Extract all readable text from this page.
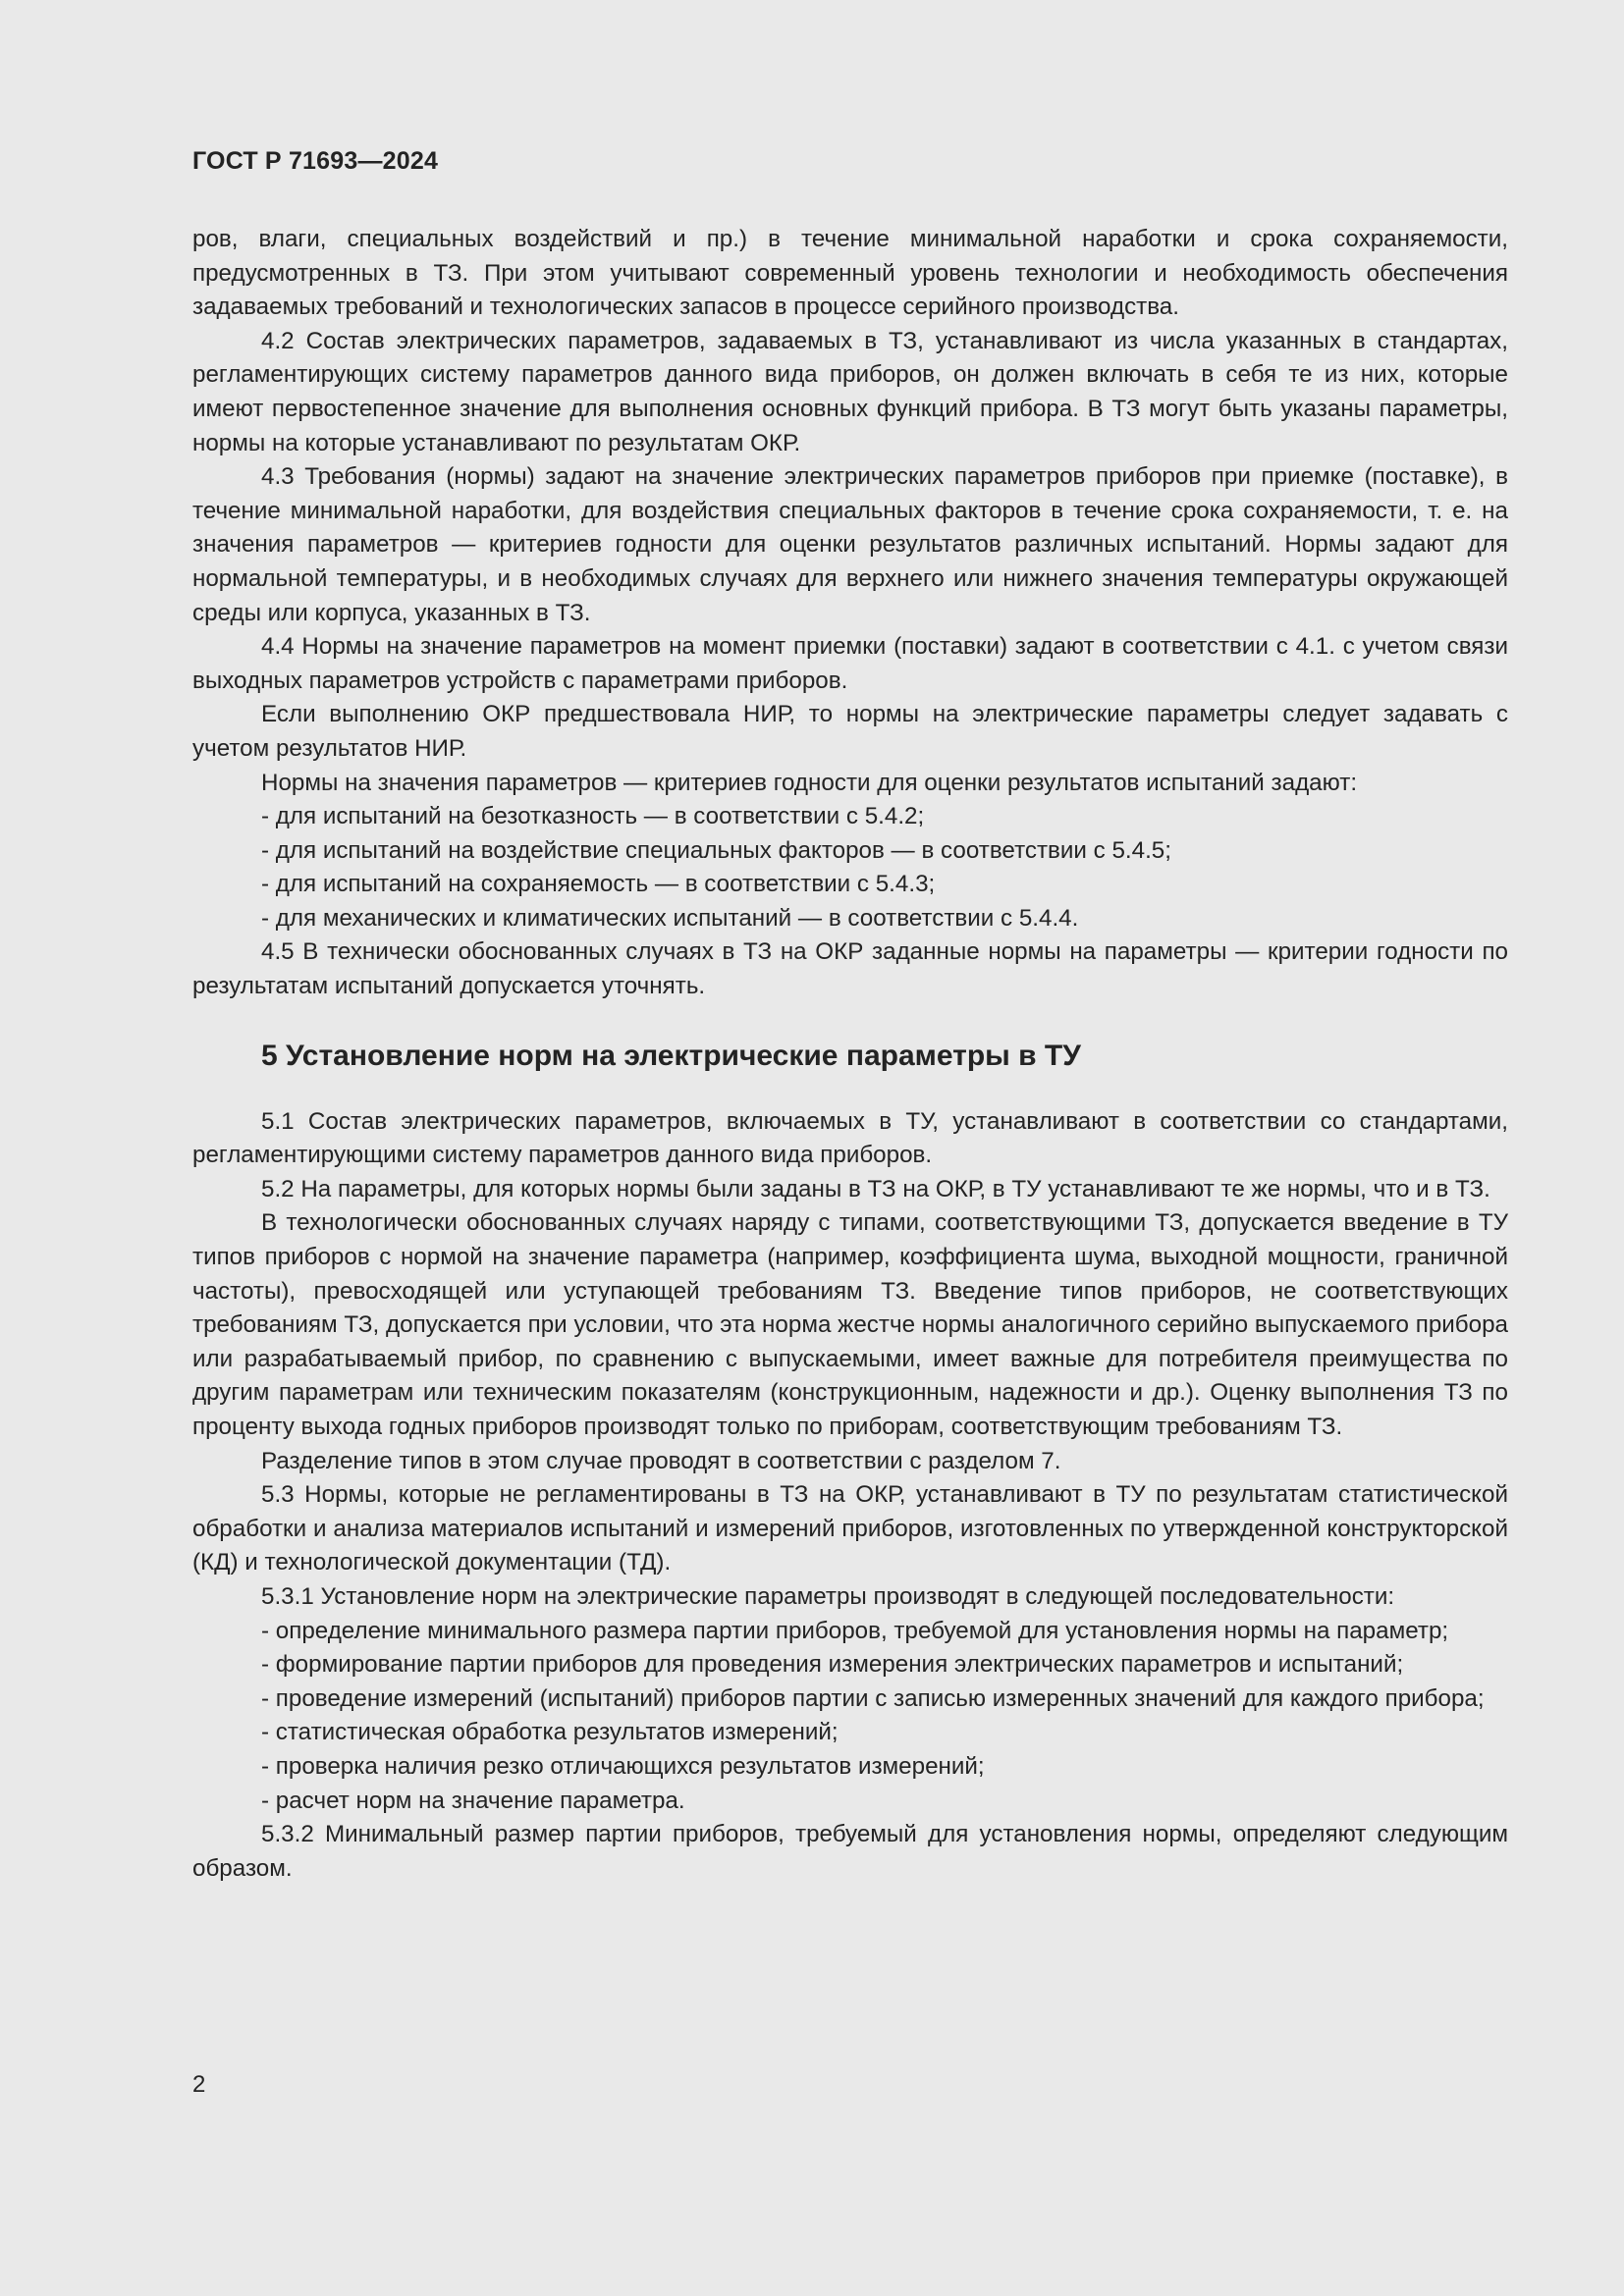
ГОСТ Р 71693—2024

ров, влаги, специальных воздействий и пр.) в течение минимальной наработки и срока сохраняемости, предусмотренных в ТЗ. При этом учитывают современный уровень технологии и необходимость обеспечения задаваемых требований и технологических запасов в процессе серийного производства.

4.2 Состав электрических параметров, задаваемых в ТЗ, устанавливают из числа указанных в стандартах, регламентирующих систему параметров данного вида приборов, он должен включать в себя те из них, которые имеют первостепенное значение для выполнения основных функций прибора. В ТЗ могут быть указаны параметры, нормы на которые устанавливают по результатам ОКР.

4.3 Требования (нормы) задают на значение электрических параметров приборов при приемке (поставке), в течение минимальной наработки, для воздействия специальных факторов в течение срока сохраняемости, т. е. на значения параметров — критериев годности для оценки результатов различных испытаний. Нормы задают для нормальной температуры, и в необходимых случаях для верхнего или нижнего значения температуры окружающей среды или корпуса, указанных в ТЗ.

4.4 Нормы на значение параметров на момент приемки (поставки) задают в соответствии с 4.1. с учетом связи выходных параметров устройств с параметрами приборов.

Если выполнению ОКР предшествовала НИР, то нормы на электрические параметры следует задавать с учетом результатов НИР.

Нормы на значения параметров — критериев годности для оценки результатов испытаний задают:

- для испытаний на безотказность — в соответствии с 5.4.2;

- для испытаний на воздействие специальных факторов — в соответствии с 5.4.5;

- для испытаний на сохраняемость — в соответствии с 5.4.3;

- для механических и климатических испытаний — в соответствии с 5.4.4.

4.5 В технически обоснованных случаях в ТЗ на ОКР заданные нормы на параметры — критерии годности по результатам испытаний допускается уточнять.

5 Установление норм на электрические параметры в ТУ

5.1 Состав электрических параметров, включаемых в ТУ, устанавливают в соответствии со стандартами, регламентирующими систему параметров данного вида приборов.

5.2 На параметры, для которых нормы были заданы в ТЗ на ОКР, в ТУ устанавливают те же нормы, что и в ТЗ.

В технологически обоснованных случаях наряду с типами, соответствующими ТЗ, допускается введение в ТУ типов приборов с нормой на значение параметра (например, коэффициента шума, выходной мощности, граничной частоты), превосходящей или уступающей требованиям ТЗ. Введение типов приборов, не соответствующих требованиям ТЗ, допускается при условии, что эта норма жестче нормы аналогичного серийно выпускаемого прибора или разрабатываемый прибор, по сравнению с выпускаемыми, имеет важные для потребителя преимущества по другим параметрам или техническим показателям (конструкционным, надежности и др.). Оценку выполнения ТЗ по проценту выхода годных приборов производят только по приборам, соответствующим требованиям ТЗ.

Разделение типов в этом случае проводят в соответствии с разделом 7.

5.3 Нормы, которые не регламентированы в ТЗ на ОКР, устанавливают в ТУ по результатам статистической обработки и анализа материалов испытаний и измерений приборов, изготовленных по утвержденной конструкторской (КД) и технологической документации (ТД).

5.3.1 Установление норм на электрические параметры производят в следующей последовательности:

- определение минимального размера партии приборов, требуемой для установления нормы на параметр;

- формирование партии приборов для проведения измерения электрических параметров и испытаний;

- проведение измерений (испытаний) приборов партии с записью измеренных значений для каждого прибора;

- статистическая обработка результатов измерений;

- проверка наличия резко отличающихся результатов измерений;

- расчет норм на значение параметра.

5.3.2 Минимальный размер партии приборов, требуемый для установления нормы, определяют следующим образом.

2
